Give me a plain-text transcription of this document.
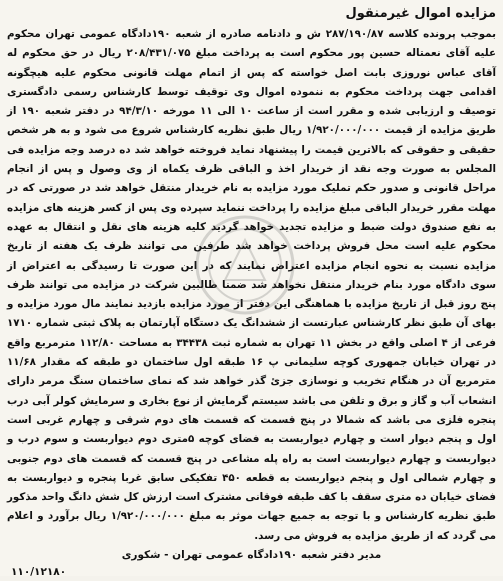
مزایده اموال غیرمنقول

بموجب پرونده کلاسه ۲۸۷/۱۹۰/۸۷ ش و دادنامه صادره از شعبه ۱۹۰دادگاه عمومی تهران محکوم علیه آقای نعمتاله حسین پور محکوم است به پرداخت مبلغ ۲۰۸/۴۳۱/۰۷۵ ریال در حق محکوم له آقای عباس نوروزی بابت اصل خواسته که پس از اتمام مهلت قانونی محکوم علیه هیچگونه اقدامی جهت پرداخت محکوم به ننموده اموال وی توقیف توسط کارشناس رسمی دادگستری توصیف و ارزیابی شده و مقرر است از ساعت ۱۰ الی ۱۱ مورخه ۹۴/۳/۱۰ در دفتر شعبه ۱۹۰ از طریق مزایده از قیمت ۱/۹۲۰/۰۰۰/۰۰۰ ریال طبق نظریه کارشناس شروع می شود و به هر شخص حقیقی و حقوقی که بالاترین قیمت را پیشنهاد نماید فروخته خواهد شد ده درصد وجه مزایده فی المجلس به صورت وجه نقد از خریدار اخذ و الباقی ظرف یکماه از وی وصول و پس از انجام مراحل قانونی و صدور حکم تملیک مورد مزایده به نام خریدار منتقل خواهد شد در صورتی که در مهلت مقرر خریدار الباقی مبلغ مزایده را پرداخت ننماید سپرده وی پس از کسر هزینه های مزایده به نفع صندوق دولت ضبط و مزایده تجدید خواهد گردید کلیه هزینه های نقل و انتقال به عهده محکوم علیه است محل فروش پرداخت خواهد شد طرفین می توانند ظرف یک هفته از تاریخ مزایده نسبت به نحوه انجام مزایده اعتراض نمایند که در این صورت تا رسیدگی به اعتراض از سوی دادگاه مورد بنام خریدار منتقل نخواهد شد ضمنا طالبین شرکت در مزایده می توانند ظرف پنج روز قبل از تاریخ مزایده با هماهنگی این دفتر از مورد مزایده بازدید نمایند مال مورد مزایده و بهای آن طبق نظر کارشناس عبارتست از ششدانگ یک دستگاه آپارتمان به پلاک ثبتی شماره ۱۷۱۰ فرعی از ۴ اصلی واقع در بخش ۱۱ تهران به شماره ثبت ۳۴۴۳۸ به مساحت ۱۱۲/۸۰ مترمربع واقع در تهران خیابان جمهوری کوچه سلیمانی پ ۱۶ طبقه اول ساختمان دو طبقه که مقدار ۱۱/۶۸ مترمربع آن در هنگام تخریب و نوسازی جزئ گذر خواهد شد که نمای ساختمان سنگ مرمر دارای انشعاب آب و گاز و برق و تلفن می باشد سیستم گرمایش از نوع بخاری و سرمایش کولر آبی درب پنجره فلزی می باشد که شمالا در پنج قسمت که قسمت های دوم شرقی و چهارم غربی است اول و پنجم دیوار است و چهارم دیواربست به فضای کوچه ۵متری دوم دیواربست و سوم درب و دیواربست و چهارم دیواربست است به راه پله مشاعی در پنج قسمت که قسمت های دوم جنوبی و چهارم شمالی اول و پنجم دیواربست به قطعه ۴۵۰ تفکیکی سابق غربا پنجره و دیواربست به فضای خیابان ده متری سقف با کف طبقه فوقانی مشترک است ارزش کل شش دانگ واحد مذکور طبق نظریه کارشناس و با توجه به جمیع جهات موثر به مبلغ ۱/۹۲۰/۰۰۰/۰۰۰ ریال برآورد و اعلام می گردد که از طریق مزایده به فروش می رسد.

مدیر دفتر شعبه ۱۹۰دادگاه عمومی تهران - شکوری
۱۱۰/۱۲۱۸۰
